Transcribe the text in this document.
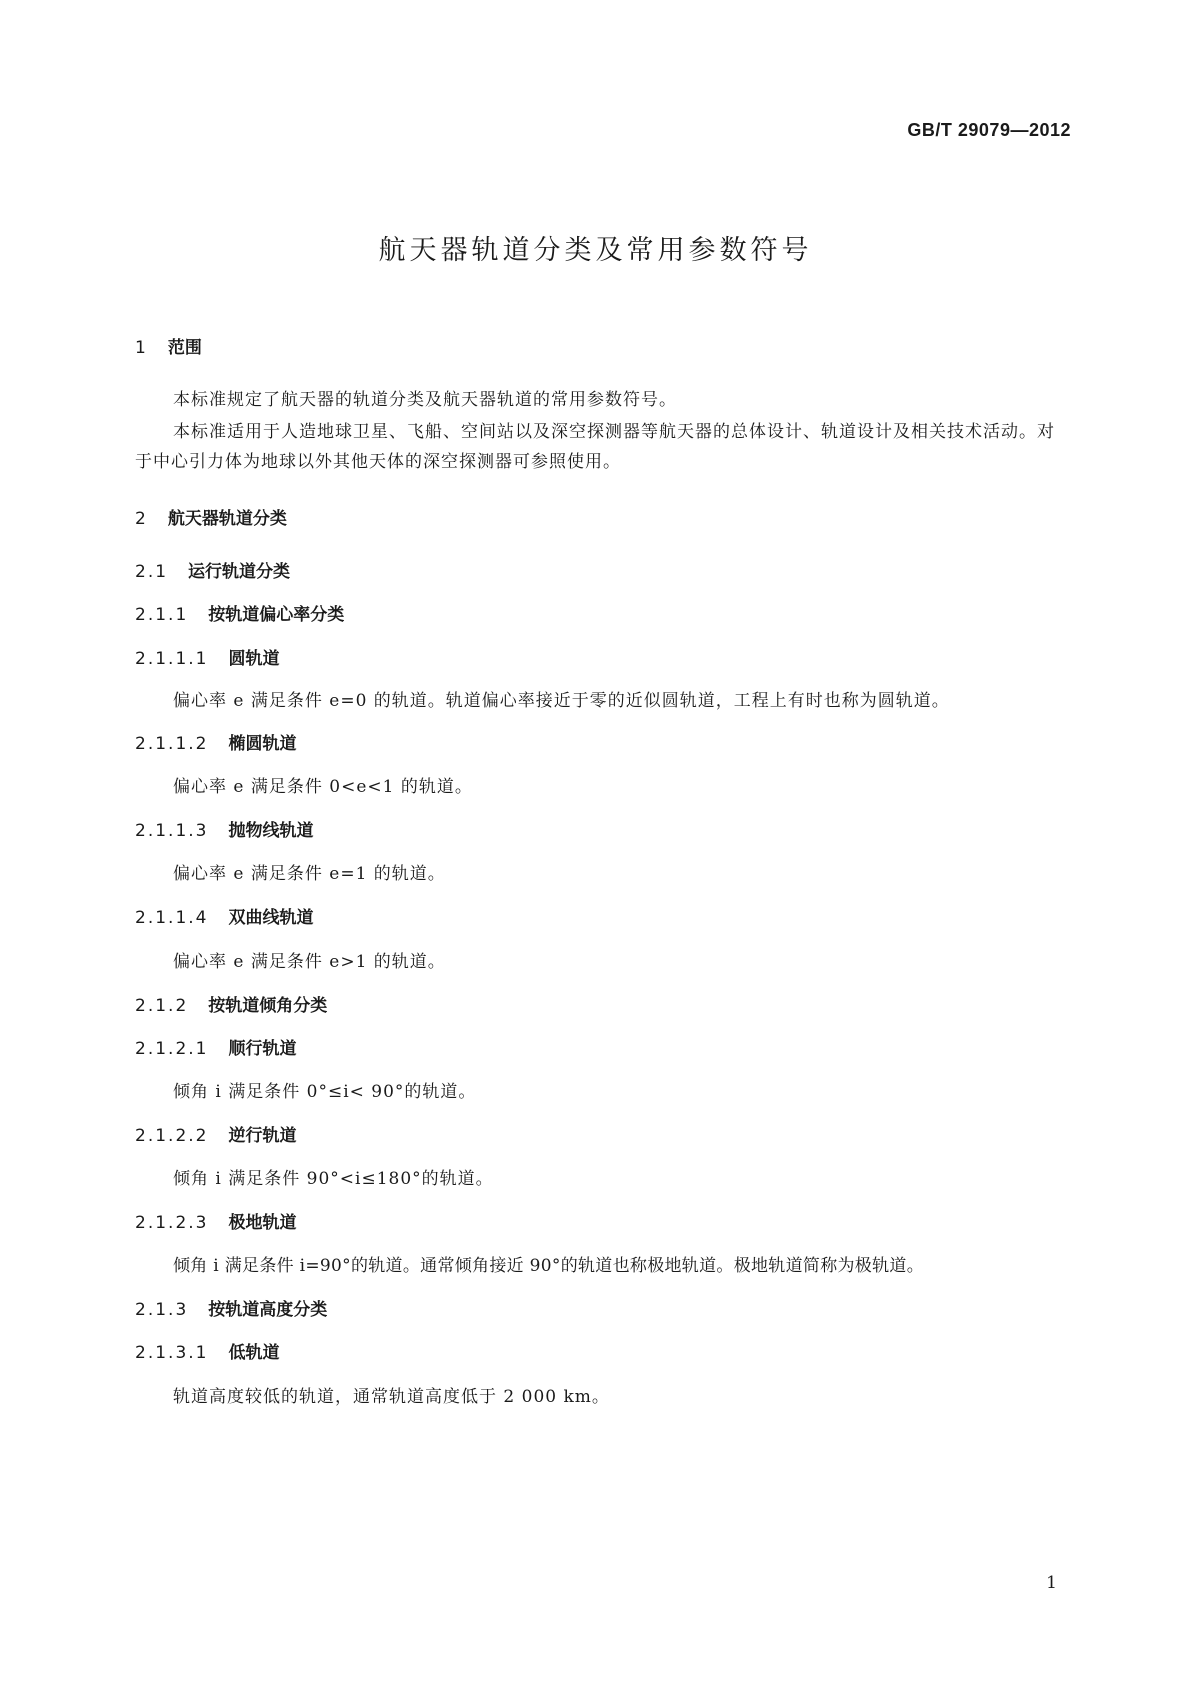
GB/T 29079—2012
航天器轨道分类及常用参数符号
1 范围
本标准规定了航天器的轨道分类及航天器轨道的常用参数符号。
本标准适用于人造地球卫星、飞船、空间站以及深空探测器等航天器的总体设计、轨道设计及相关技术活动。对于中心引力体为地球以外其他天体的深空探测器可参照使用。
2 航天器轨道分类
2.1 运行轨道分类
2.1.1 按轨道偏心率分类
2.1.1.1 圆轨道
偏心率 e 满足条件 e=0 的轨道。轨道偏心率接近于零的近似圆轨道，工程上有时也称为圆轨道。
2.1.1.2 椭圆轨道
偏心率 e 满足条件 0<e<1 的轨道。
2.1.1.3 抛物线轨道
偏心率 e 满足条件 e=1 的轨道。
2.1.1.4 双曲线轨道
偏心率 e 满足条件 e>1 的轨道。
2.1.2 按轨道倾角分类
2.1.2.1 顺行轨道
倾角 i 满足条件 0°≤i< 90°的轨道。
2.1.2.2 逆行轨道
倾角 i 满足条件 90°<i≤180°的轨道。
2.1.2.3 极地轨道
倾角 i 满足条件 i=90°的轨道。通常倾角接近 90°的轨道也称极地轨道。极地轨道简称为极轨道。
2.1.3 按轨道高度分类
2.1.3.1 低轨道
轨道高度较低的轨道，通常轨道高度低于 2 000 km。
1
